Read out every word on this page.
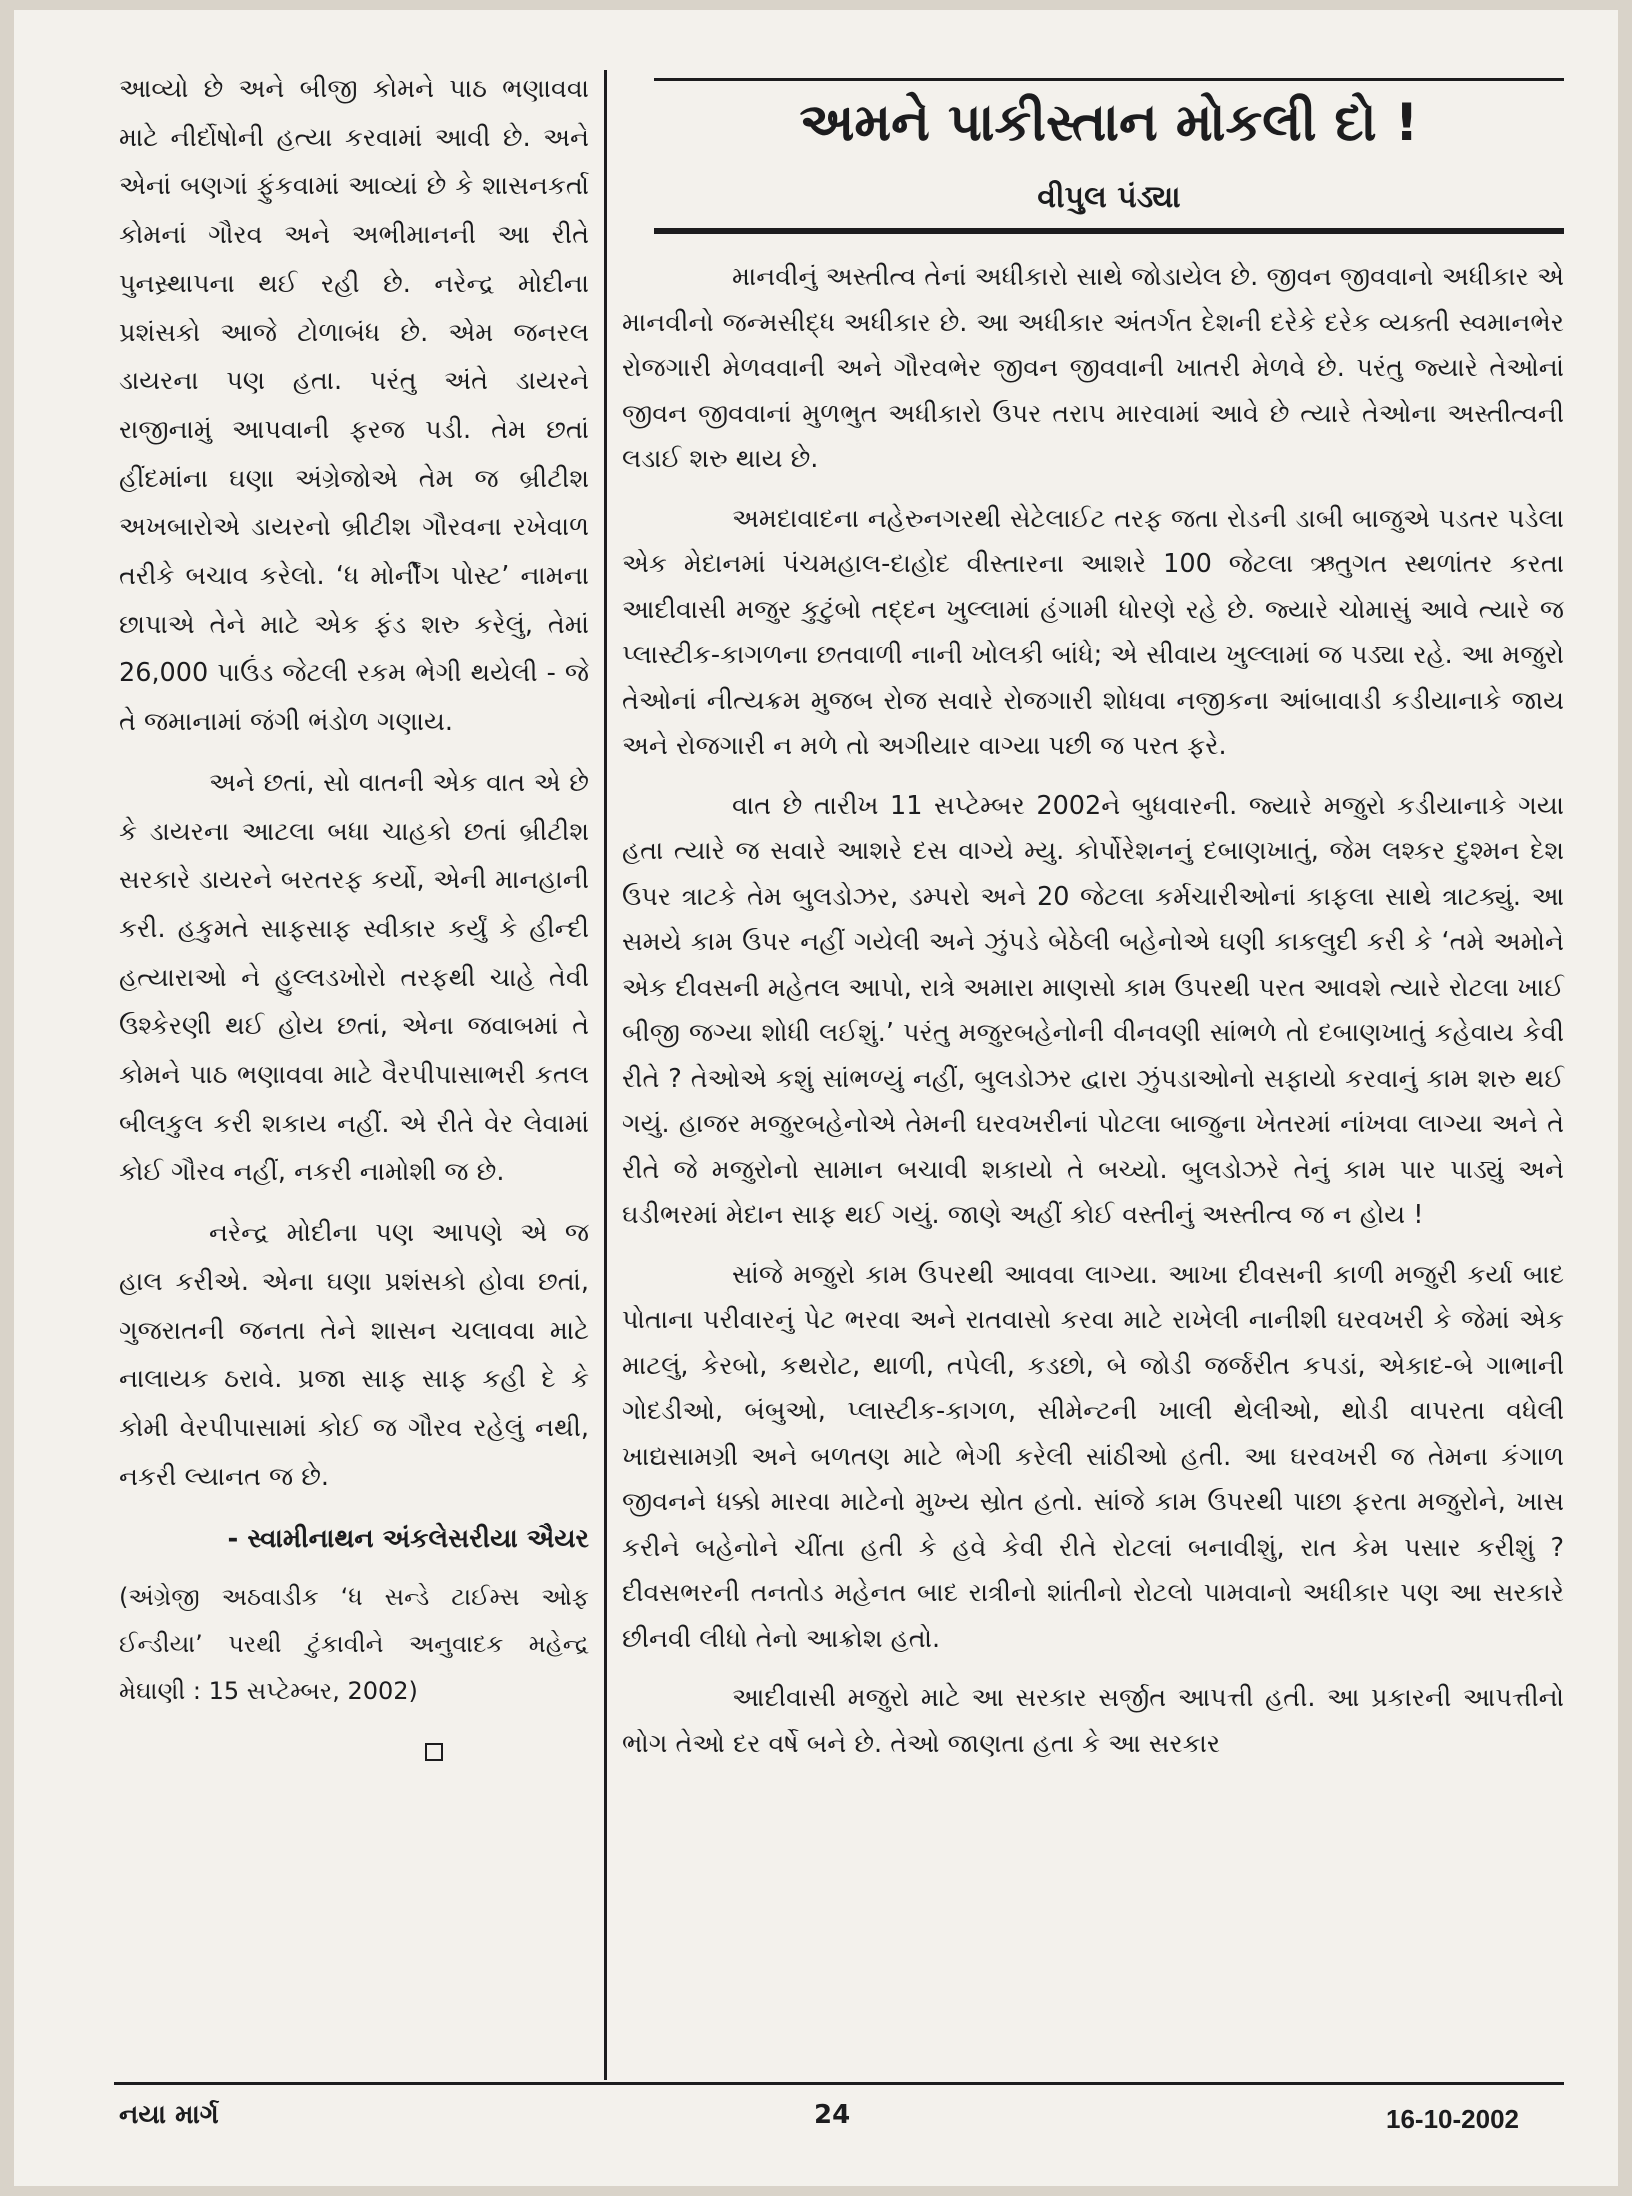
આવ્યો છે અને બીજી કોમને પાઠ ભણાવવા માટે નીર્દોષોની હત્યા કરવામાં આવી છે. અને એનાં બણગાં ફુંકવામાં આવ્યાં છે કે શાસનકર્તા કોમનાં ગૌરવ અને અભીમાનની આ રીતે પુનસ્ર્થાપના થઈ રહી છે. નરેન્દ્ર મોદીના પ્રશંસકો આજે ટોળાબંધ છે. એમ જનરલ ડાયરના પણ હતા. પરંતુ અંતે ડાયરને રાજીનામું આપવાની ફરજ પડી. તેમ છતાં હીંદમાંના ઘણા અંગ્રેજોએ તેમ જ બ્રીટીશ અખબારોએ ડાયરનો બ્રીટીશ ગૌરવના રખેવાળ તરીકે બચાવ કરેલો. ‘ધ મોર્નીંગ પોસ્ટ’ નામના છાપાએ તેને માટે એક ફંડ શરુ કરેલું, તેમાં 26,000 પાઉંડ જેટલી રકમ ભેગી થયેલી - જે તે જમાનામાં જંગી ભંડોળ ગણાય.

અને છતાં, સો વાતની એક વાત એ છે કે ડાયરના આટલા બધા ચાહકો છતાં બ્રીટીશ સરકારે ડાયરને બરતરફ કર્યો, એની માનહાની કરી. હકુમતે સાફસાફ સ્વીકાર કર્યું કે હીન્દી હત્યારાઓ ને હુલ્લડખોરો તરફથી ચાહે તેવી ઉશ્કેરણી થઈ હોય છતાં, એના જવાબમાં તે કોમને પાઠ ભણાવવા માટે વૈરપીપાસાભરી કતલ બીલકુલ કરી શકાય નહીં. એ રીતે વેર લેવામાં કોઈ ગૌરવ નહીં, નકરી નામોશી જ છે.

નરેન્દ્ર મોદીના પણ આપણે એ જ હાલ કરીએ. એના ઘણા પ્રશંસકો હોવા છતાં, ગુજરાતની જનતા તેને શાસન ચલાવવા માટે નાલાયક ઠરાવે. પ્રજા સાફ સાફ કહી દે કે કોમી વેરપીપાસામાં કોઈ જ ગૌરવ રહેલું નથી, નકરી લ્યાનત જ છે.

- સ્વામીનાથન અંકલેસરીયા ઐયર
(અંગ્રેજી અઠવાડીક ‘ધ સન્ડે ટાઈમ્સ ઓફ ઈન્ડીયા’ પરથી ટુંકાવીને અનુવાદક મહેન્દ્ર મેઘાણી : 15 સપ્ટેમ્બર, 2002)
અમને પાકીસ્તાન મોકલી દો !
વીપુલ પંડ્યા

માનવીનું અસ્તીત્વ તેનાં અધીકારો સાથે જોડાયેલ છે. જીવન જીવવાનો અધીકાર એ માનવીનો જન્મસીદ્ધ અધીકાર છે. આ અધીકાર અંતર્ગત દેશની દરેકે દરેક વ્યક્તી સ્વમાનભેર રોજગારી મેળવવાની અને ગૌરવભેર જીવન જીવવાની ખાતરી મેળવે છે. પરંતુ જ્યારે તેઓનાં જીવન જીવવાનાં મુળભુત અધીકારો ઉપર તરાપ મારવામાં આવે છે ત્યારે તેઓના અસ્તીત્વની લડાઈ શરુ થાય છે.

અમદાવાદના નહેરુનગરથી સેટેલાઈટ તરફ જતા રોડની ડાબી બાજુએ પડતર પડેલા એક મેદાનમાં પંચમહાલ-દાહોદ વીસ્તારના આશરે 100 જેટલા ઋતુગત સ્થળાંતર કરતા આદીવાસી મજુર કુટુંબો તદ્દન ખુલ્લામાં હંગામી ધોરણે રહે છે. જ્યારે ચોમાસું આવે ત્યારે જ પ્લાસ્ટીક-કાગળના છતવાળી નાની ખોલકી બાંધે; એ સીવાય ખુલ્લામાં જ પડ્યા રહે. આ મજુરો તેઓનાં નીત્યક્રમ મુજબ રોજ સવારે રોજગારી શોધવા નજીકના આંબાવાડી કડીયાનાકે જાય અને રોજગારી ન મળે તો અગીયાર વાગ્યા પછી જ પરત ફરે.

વાત છે તારીખ 11 સપ્ટેમ્બર 2002ને બુધવારની. જ્યારે મજુરો કડીયાનાકે ગયા હતા ત્યારે જ સવારે આશરે દસ વાગ્યે મ્યુ. કોર્પોરેશનનું દબાણખાતું, જેમ લશ્કર દુશ્મન દેશ ઉપર ત્રાટકે તેમ બુલડોઝર, ડમ્પરો અને 20 જેટલા કર્મચારીઓનાં કાફલા સાથે ત્રાટક્યું. આ સમયે કામ ઉપર નહીં ગયેલી અને ઝુંપડે બેઠેલી બહેનોએ ઘણી કાકલુદી કરી કે ‘તમે અમોને એક દીવસની મહેતલ આપો, રાત્રે અમારા માણસો કામ ઉપરથી પરત આવશે ત્યારે રોટલા ખાઈ બીજી જગ્યા શોધી લઈશું.’ પરંતુ મજુરબહેનોની વીનવણી સાંભળે તો દબાણખાતું કહેવાય કેવી રીતે ? તેઓએ કશું સાંભળ્યું નહીં, બુલડોઝર દ્વારા ઝુંપડાઓનો સફાયો કરવાનું કામ શરુ થઈ ગયું. હાજર મજુરબહેનોએ તેમની ઘરવખરીનાં પોટલા બાજુના ખેતરમાં નાંખવા લાગ્યા અને તે રીતે જે મજુરોનો સામાન બચાવી શકાયો તે બચ્યો. બુલડોઝરે તેનું કામ પાર પાડ્યું અને ઘડીભરમાં મેદાન સાફ થઈ ગયું. જાણે અહીં કોઈ વસ્તીનું અસ્તીત્વ જ ન હોય !

સાંજે મજુરો કામ ઉપરથી આવવા લાગ્યા. આખા દીવસની કાળી મજુરી કર્યા બાદ પોતાના પરીવારનું પેટ ભરવા અને રાતવાસો કરવા માટે રાખેલી નાનીશી ઘરવખરી કે જેમાં એક માટલું, કેરબો, કથરોટ, થાળી, તપેલી, કડછો, બે જોડી જર્જરીત કપડાં, એકાદ-બે ગાભાની ગોદડીઓ, બંબુઓ, પ્લાસ્ટીક-કાગળ, સીમેન્ટની ખાલી થેલીઓ, થોડી વાપરતા વધેલી ખાદ્યસામગ્રી અને બળતણ માટે ભેગી કરેલી સાંઠીઓ હતી. આ ઘરવખરી જ તેમના કંગાળ જીવનને ધક્કો મારવા માટેનો મુખ્ય સ્રોત હતો. સાંજે કામ ઉપરથી પાછા ફરતા મજુરોને, ખાસ કરીને બહેનોને ચીંતા હતી કે હવે કેવી રીતે રોટલાં બનાવીશું, રાત કેમ પસાર કરીશું ? દીવસભરની તનતોડ મહેનત બાદ રાત્રીનો શાંતીનો રોટલો પામવાનો અધીકાર પણ આ સરકારે છીનવી લીધો તેનો આક્રોશ હતો.

આદીવાસી મજુરો માટે આ સરકાર સર્જીત આપત્તી હતી. આ પ્રકારની આપત્તીનો ભોગ તેઓ દર વર્ષે બને છે. તેઓ જાણતા હતા કે આ સરકાર

નયા માર્ગ	24	16-10-2002
